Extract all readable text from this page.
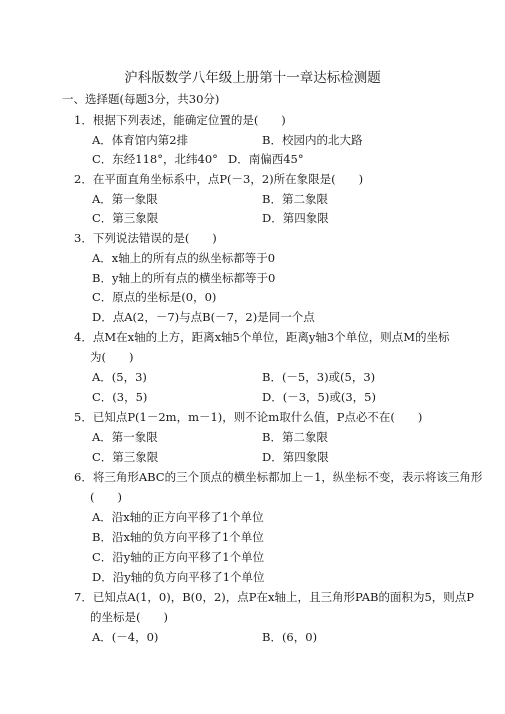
沪科版数学八年级上册第十一章达标检测题
一、选择题(每题3分，共30分)
1．根据下列表述，能确定位置的是(　　)
A．体育馆内第2排	B．校园内的北大路
C．东经118°，北纬40° D．南偏西45°
2．在平面直角坐标系中，点P(－3，2)所在象限是(　　)
A．第一象限	B．第二象限
C．第三象限	D．第四象限
3．下列说法错误的是(　　)
A．x轴上的所有点的纵坐标都等于0
B．y轴上的所有点的横坐标都等于0
C．原点的坐标是(0，0)
D．点A(2，－7)与点B(－7，2)是同一个点
4．点M在x轴的上方，距离x轴5个单位，距离y轴3个单位，则点M的坐标
为(　　)
A．(5，3)	B．(－5，3)或(5，3)
C．(3，5)	D．(－3，5)或(3，5)
5．已知点P(1－2m，m－1)，则不论m取什么值，P点必不在(　　)
A．第一象限	B．第二象限
C．第三象限	D．第四象限
6．将三角形ABC的三个顶点的横坐标都加上－1，纵坐标不变，表示将该三角形
(　　)
A．沿x轴的正方向平移了1个单位
B．沿x轴的负方向平移了1个单位
C．沿y轴的正方向平移了1个单位
D．沿y轴的负方向平移了1个单位
7．已知点A(1，0)，B(0，2)，点P在x轴上，且三角形PAB的面积为5，则点P
的坐标是(　　)
A．(－4，0)	B．(6，0)
